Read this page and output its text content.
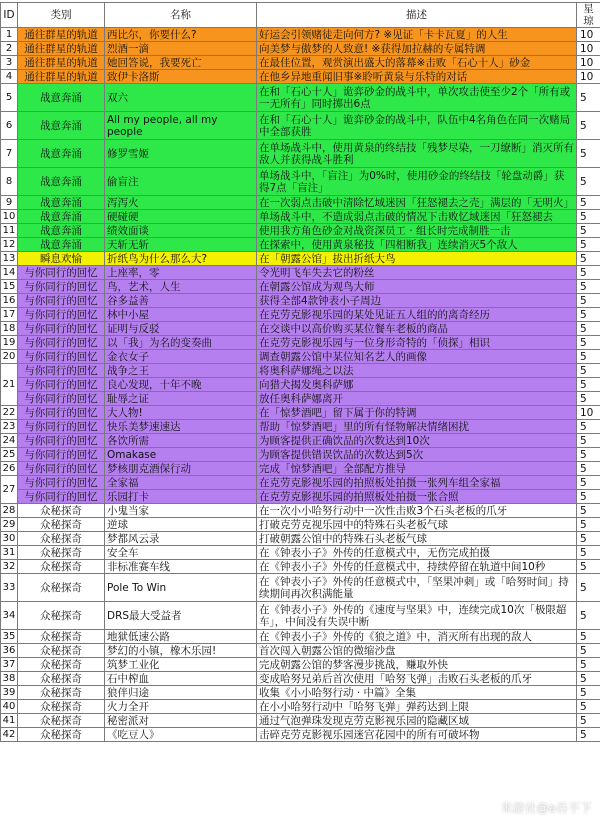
ID	类别	名称	描述	星琼
1	通往群星的轨道	西比尔，你要什么?	好运会引领赌徒走向何方? ※见证「卡卡瓦夏」的人生	10
2	通往群星的轨道	烈酒一滴	向美梦与傲梦的人致意! ※获得加拉赫的专属特调	10
3	通往群星的轨道	她回答说，我要死亡	在最佳位置，观赏演出盛大的落幕※击败「石心十人」砂金	10
4	通往群星的轨道	致伊卡洛斯	在他乡异地重闻旧事※聆听黄泉与乐特的对话	10
5	战意奔涌	双六	在和「石心十人」诡弈砂金的战斗中，单次攻击使至少2个「所有或一无所有」同时掷出6点	5
6	战意奔涌	All my people, all my people	在和「石心十人」诡弈砂金的战斗中，队伍中4名角色在同一次赌局中全部获胜	5
7	战意奔涌	修罗雪姬	在单场战斗中，使用黄泉的终结技「残梦尽染，一刀缭断」消灭所有敌人并获得战斗胜利	5
8	战意奔涌	偷盲注	单场战斗中，「盲注」为0%时，使用砂金的终结技「轮盘动爵」获得7点「盲注」	5
9	战意奔涌	泻泻火	在一次弱点击破中清除忆域迷因「狂怒褪去之壳」满层的「无明火」	5
10	战意奔涌	硬碰硬	单场战斗中，不造成弱点击破的情况下击败忆域迷因「狂怒褪去	5
11	战意奔涌	绩效面谈	使用我方角色砂金对战资深员工 · 组长时完成制胜一击	5
12	战意奔涌	天斩无斩	在探索中，使用黄泉秘技「四相断我」连续消灭5个敌人	5
13	瞬息欢愉	折纸鸟为什么那么大?	在「朝露公馆」拔出折纸大鸟	5
14	与你同行的回忆	上座率，零	令光明飞车失去它的粉丝	5
15	与你同行的回忆	鸟，艺术，人生	在朝露公馆成为观鸟大师	5
16	与你同行的回忆	谷多益善	获得全部4款钟表小子周边	5
17	与你同行的回忆	林中小屋	在克劳克影视乐园的某处见证五人组的的离奇经历	5
18	与你同行的回忆	证明与反驳	在交谈中以高价购买某位餐车老板的商品	5
19	与你同行的回忆	以「我」为名的变奏曲	在克劳克影视乐园与一位身形奇特的「侦探」相识	5
20	与你同行的回忆	金衣女子	调查朝露公馆中某位知名艺人的画像	5
21	与你同行的回忆	战争之王	将奥科萨娜绳之以法	5
	与你同行的回忆	良心发现，十年不晚	向猎犬揭发奥科萨娜	5
	与你同行的回忆	耻辱之证	放任奥科萨娜离开	5
22	与你同行的回忆	大人物!	在「惊梦酒吧」留下属于你的特调	10
23	与你同行的回忆	快乐美梦速速达	帮助「惊梦酒吧」里的所有怪物解决情绪困扰	5
24	与你同行的回忆	各饮所需	为顾客提供正确饮品的次数达到10次	5
25	与你同行的回忆	Omakase	为顾客提供错误饮品的次数达到5次	5
26	与你同行的回忆	梦核朋克酒保行动	完成「惊梦酒吧」全部配方推导	5
27	与你同行的回忆	全家福	在克劳克影视乐园的拍照板处拍摄一张列车组全家福	5
	与你同行的回忆	乐园打卡	在克劳克影视乐园的拍照板处拍摄一张合照	5
28	众秘探奇	小鬼当家	在一次小小哈努行动中一次性击败3个石头老板的爪牙	5
29	众秘探奇	逆球	打破克劳克视乐园中的特殊石头老板气球	5
30	众秘探奇	梦都风云录	打破朝露公馆中的特殊石头老板气球	5
31	众秘探奇	安全车	在《钟表小子》外传的任意模式中，无伤完成拍摄	5
32	众秘探奇	非标准赛车线	在《钟表小子》外传的任意模式中，持续停留在轨道中间10秒	5
33	众秘探奇	Pole To Win	在《钟表小子》外传的任意模式中，「坚果冲刺」或「哈努时间」持续期间再次积满能量	5
34	众秘探奇	DRS最大受益者	在《钟表小子》外传的《速度与坚果》中，连续完成10次「极限超车」，中间没有失误中断	5
35	众秘探奇	地狱低速公路	在《钟表小子》外传的《狼之道》中，消灭所有出现的敌人	5
36	众秘探奇	梦幻的小镇，橡木乐园!	首次闯入朝露公馆的微缩沙盘	5
37	众秘探奇	筑梦工业化	完成朝露公馆的梦客漫步挑战，赚取外快	5
38	众秘探奇	石中榨血	变成哈努兄弟后首次使用「哈努飞弹」击败石头老板的爪牙	5
39	众秘探奇	狼伴归途	收集《小小哈努行动 · 中篇》全集	5
40	众秘探奇	火力全开	在小小哈努行动中「哈努飞弹」弹药达到上限	5
41	众秘探奇	秘密派对	通过气泡弹珠发现克劳克影视乐园的隐藏区域	5
42	众秘探奇	《吃豆人》	击碎克劳克影视乐园迷宫花园中的所有可破坏物	5
米游社@a吞不下
